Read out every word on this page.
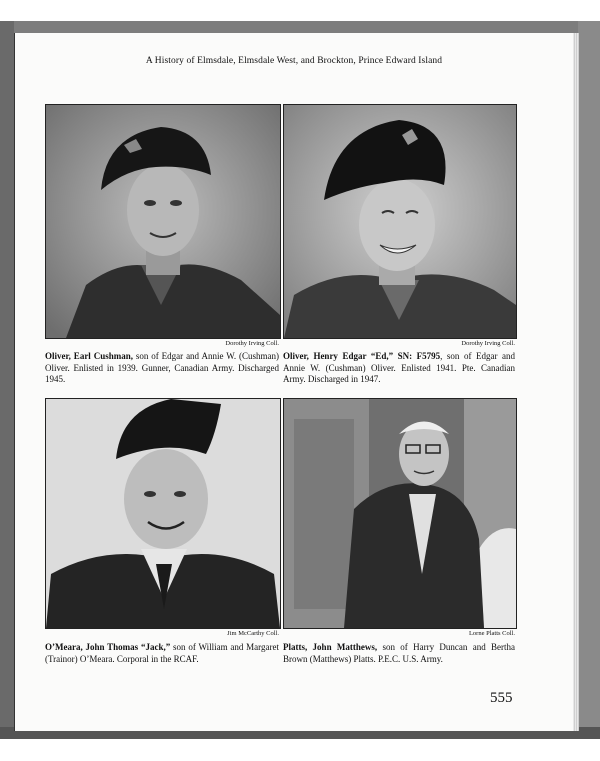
A History of Elmsdale, Elmsdale West, and Brockton, Prince Edward Island
Dorothy Irving Coll.
Oliver, Earl Cushman, son of Edgar and Annie W. (Cushman) Oliver. Enlisted in 1939. Gunner, Canadian Army. Discharged 1945.
Dorothy Irving Coll.
Oliver, Henry Edgar “Ed,” SN: F5795, son of Edgar and Annie W. (Cushman) Oliver. Enlisted 1941. Pte. Canadian Army. Discharged in 1947.
Jim McCarthy Coll.
O’Meara, John Thomas “Jack,” son of William and Margaret (Trainor) O’Meara. Corporal in the RCAF.
Lorne Platts Coll.
Platts, John Matthews, son of Harry Duncan and Bertha Brown (Matthews) Platts. P.E.C. U.S. Army.
555
